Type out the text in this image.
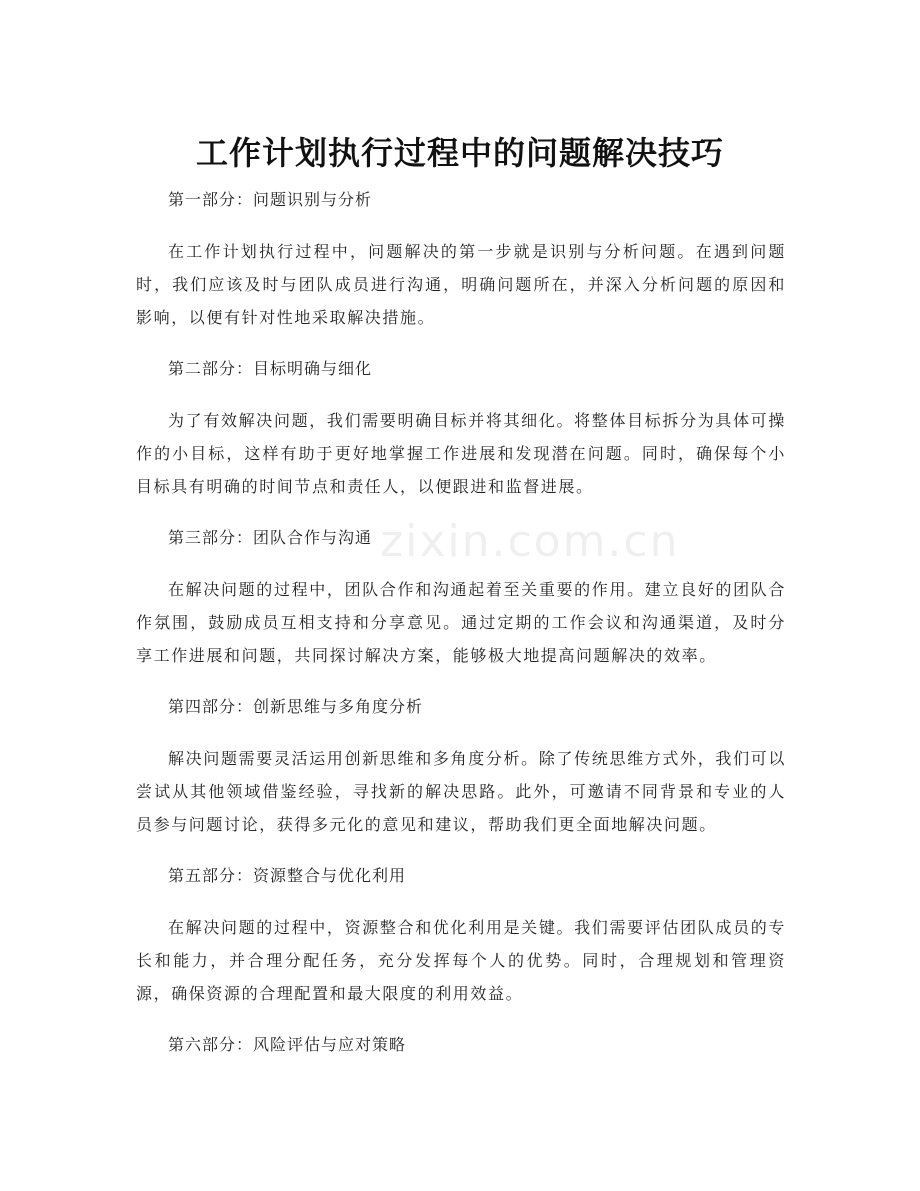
zixin.com.cn
工作计划执行过程中的问题解决技巧
第一部分：问题识别与分析

在工作计划执行过程中，问题解决的第一步就是识别与分析问题。在遇到问题时，我们应该及时与团队成员进行沟通，明确问题所在，并深入分析问题的原因和影响，以便有针对性地采取解决措施。

第二部分：目标明确与细化

为了有效解决问题，我们需要明确目标并将其细化。将整体目标拆分为具体可操作的小目标，这样有助于更好地掌握工作进展和发现潜在问题。同时，确保每个小目标具有明确的时间节点和责任人，以便跟进和监督进展。

第三部分：团队合作与沟通

在解决问题的过程中，团队合作和沟通起着至关重要的作用。建立良好的团队合作氛围，鼓励成员互相支持和分享意见。通过定期的工作会议和沟通渠道，及时分享工作进展和问题，共同探讨解决方案，能够极大地提高问题解决的效率。

第四部分：创新思维与多角度分析

解决问题需要灵活运用创新思维和多角度分析。除了传统思维方式外，我们可以尝试从其他领域借鉴经验，寻找新的解决思路。此外，可邀请不同背景和专业的人员参与问题讨论，获得多元化的意见和建议，帮助我们更全面地解决问题。

第五部分：资源整合与优化利用

在解决问题的过程中，资源整合和优化利用是关键。我们需要评估团队成员的专长和能力，并合理分配任务，充分发挥每个人的优势。同时，合理规划和管理资源，确保资源的合理配置和最大限度的利用效益。

第六部分：风险评估与应对策略
